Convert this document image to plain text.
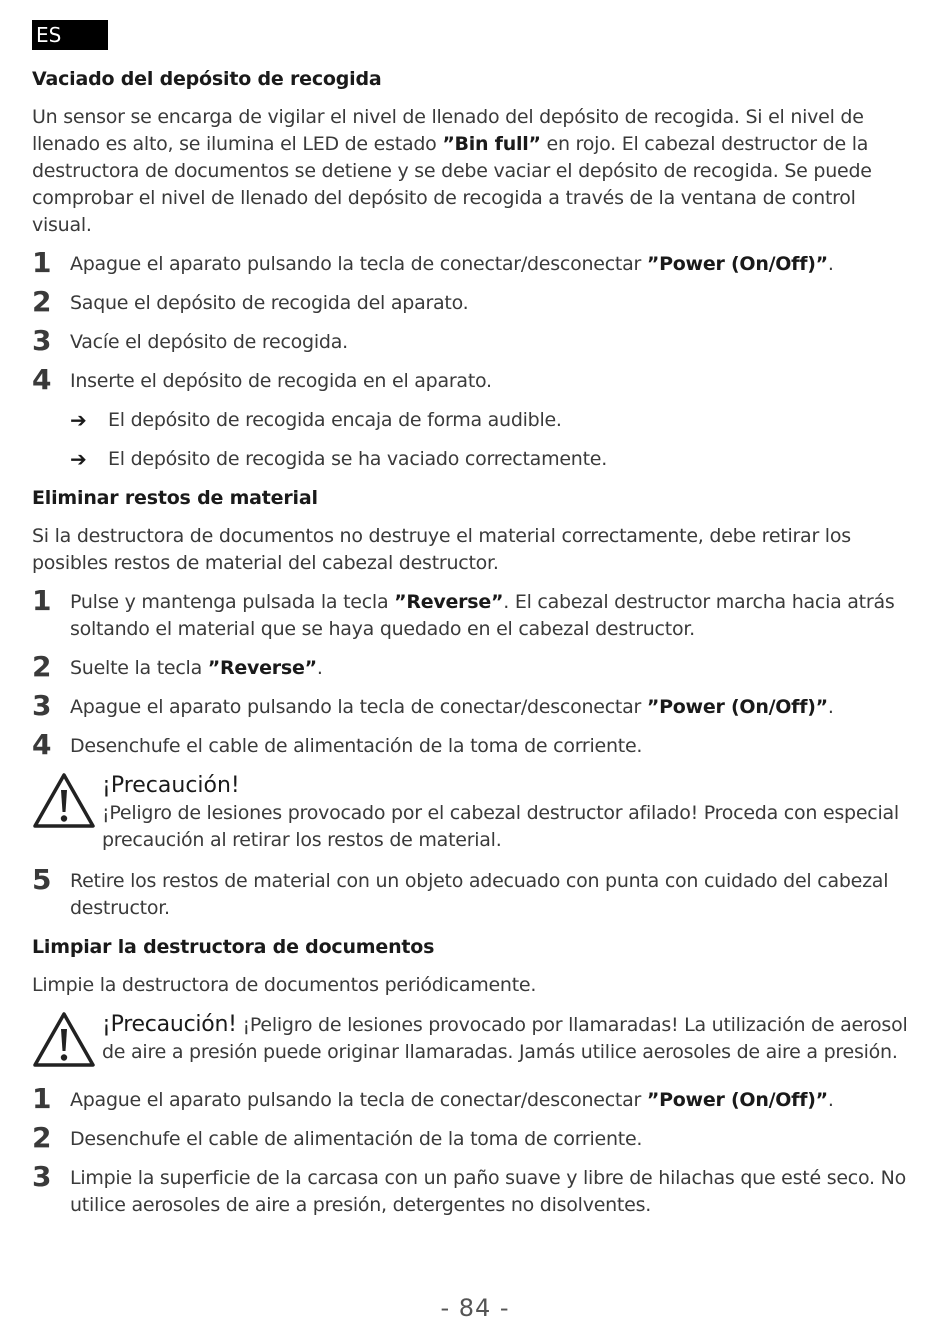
ES
Vaciado del depósito de recogida

Un sensor se encarga de vigilar el nivel de llenado del depósito de recogida. Si el nivel de llenado es alto, se ilumina el LED de estado ”Bin full” en rojo. El cabezal destructor de la destructora de documentos se detiene y se debe vaciar el depósito de recogida. Se puede comprobar el nivel de llenado del depósito de recogida a través de la ventana de control visual.

1 Apague el aparato pulsando la tecla de conectar/desconectar ”Power (On/Off)”.
2 Saque el depósito de recogida del aparato.
3 Vacíe el depósito de recogida.
4 Inserte el depósito de recogida en el aparato.
➔	El depósito de recogida encaja de forma audible.
➔	El depósito de recogida se ha vaciado correctamente.
Eliminar restos de material

Si la destructora de documentos no destruye el material correctamente, debe retirar los posibles restos de material del cabezal destructor.

1 Pulse y mantenga pulsada la tecla ”Reverse”. El cabezal destructor marcha hacia atrás soltando el material que se haya quedado en el cabezal destructor.
2 Suelte la tecla ”Reverse”.
3 Apague el aparato pulsando la tecla de conectar/desconectar ”Power (On/Off)”.
4 Desenchufe el cable de alimentación de la toma de corriente.
¡Precaución!
¡Peligro de lesiones provocado por el cabezal destructor afilado! Proceda con especial precaución al retirar los restos de material.
5 Retire los restos de material con un objeto adecuado con punta con cuidado del cabezal destructor.
Limpiar la destructora de documentos

Limpie la destructora de documentos periódicamente.

¡Precaución! ¡Peligro de lesiones provocado por llamaradas! La utilización de aerosol de aire a presión puede originar llamaradas. Jamás utilice aerosoles de aire a presión.
1 Apague el aparato pulsando la tecla de conectar/desconectar ”Power (On/Off)”.
2 Desenchufe el cable de alimentación de la toma de corriente.
3 Limpie la superficie de la carcasa con un paño suave y libre de hilachas que esté seco. No utilice aerosoles de aire a presión, detergentes no disolventes.
- 84 -
